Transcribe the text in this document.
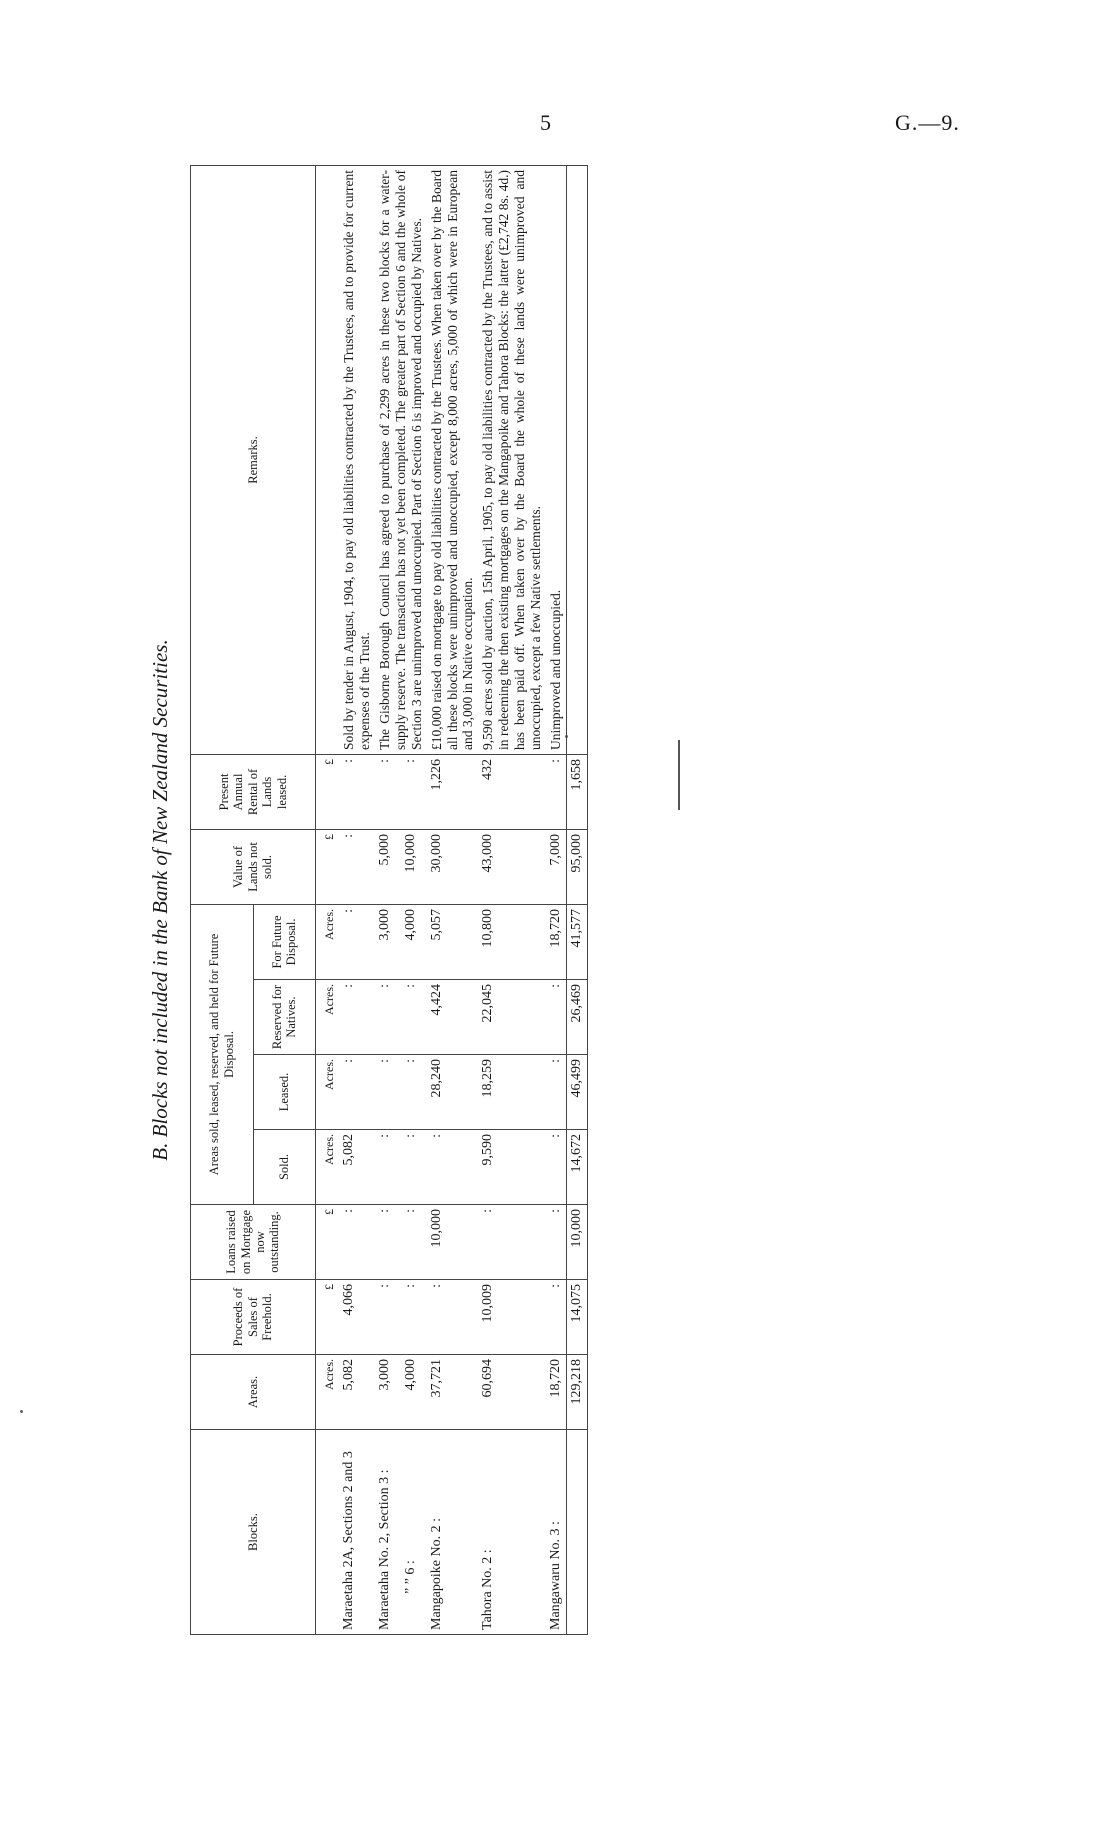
5	G.—9.
B. Blocks not included in the Bank of New Zealand Securities.
Blocks.	Areas.	Proceeds of Sales of Freehold.	Loans raised on Mortgage now outstanding.	Areas sold, leased, reserved, and held for Future Disposal.				Value of Lands not sold.	Present Annual Rental of Lands leased.	Remarks.
				Sold.	Leased.	Reserved for Natives.	For Future Disposal.			
	Acres.	£	£	Acres.	Acres.	Acres.	Acres.	£	£	
Maraetaha 2A, Sections 2 and 3	5,082	4,066	:	5,082	:	:	:	:	:	Sold by tender in August, 1904, to pay old liabilities contracted by the Trustees, and to provide for current expenses of the Trust.
Maraetaha No. 2, Section 3 :	3,000	:	:	:	:	:	3,000	5,000	:	The Gisborne Borough Council has agreed to purchase of 2,299 acres in these two blocks for a water-supply reserve. The transaction has not yet been completed. The greater part of Section 6 and the whole of Section 3 are unimproved and unoccupied. Part of Section 6 is improved and occupied by Natives.
” ” 6 :	4,000	:	:	:	:	:	4,000	10,000	:	
Mangapoike No. 2 :	37,721	:	10,000	:	28,240	4,424	5,057	30,000	1,226	£10,000 raised on mortgage to pay old liabilities contracted by the Trustees. When taken over by the Board all these blocks were unimproved and unoccupied, except 8,000 acres, 5,000 of which were in European and 3,000 in Native occupation.
Tahora No. 2 :	60,694	10,009	:	9,590	18,259	22,045	10,800	43,000	432	9,590 acres sold by auction, 15th April, 1905, to pay old liabilities contracted by the Trustees, and to assist in redeeming the then existing mortgages on the Mangapoike and Tahora Blocks: the latter (£2,742 8s. 4d.) has been paid off. When taken over by the Board the whole of these lands were unimproved and unoccupied, except a few Native settlements.
Mangawaru No. 3 :	18,720	:	:	:	:	:	18,720	7,000	:	Unimproved and unoccupied.
	129,218	14,075	10,000	14,672	46,499	26,469	41,577	95,000	1,658	
